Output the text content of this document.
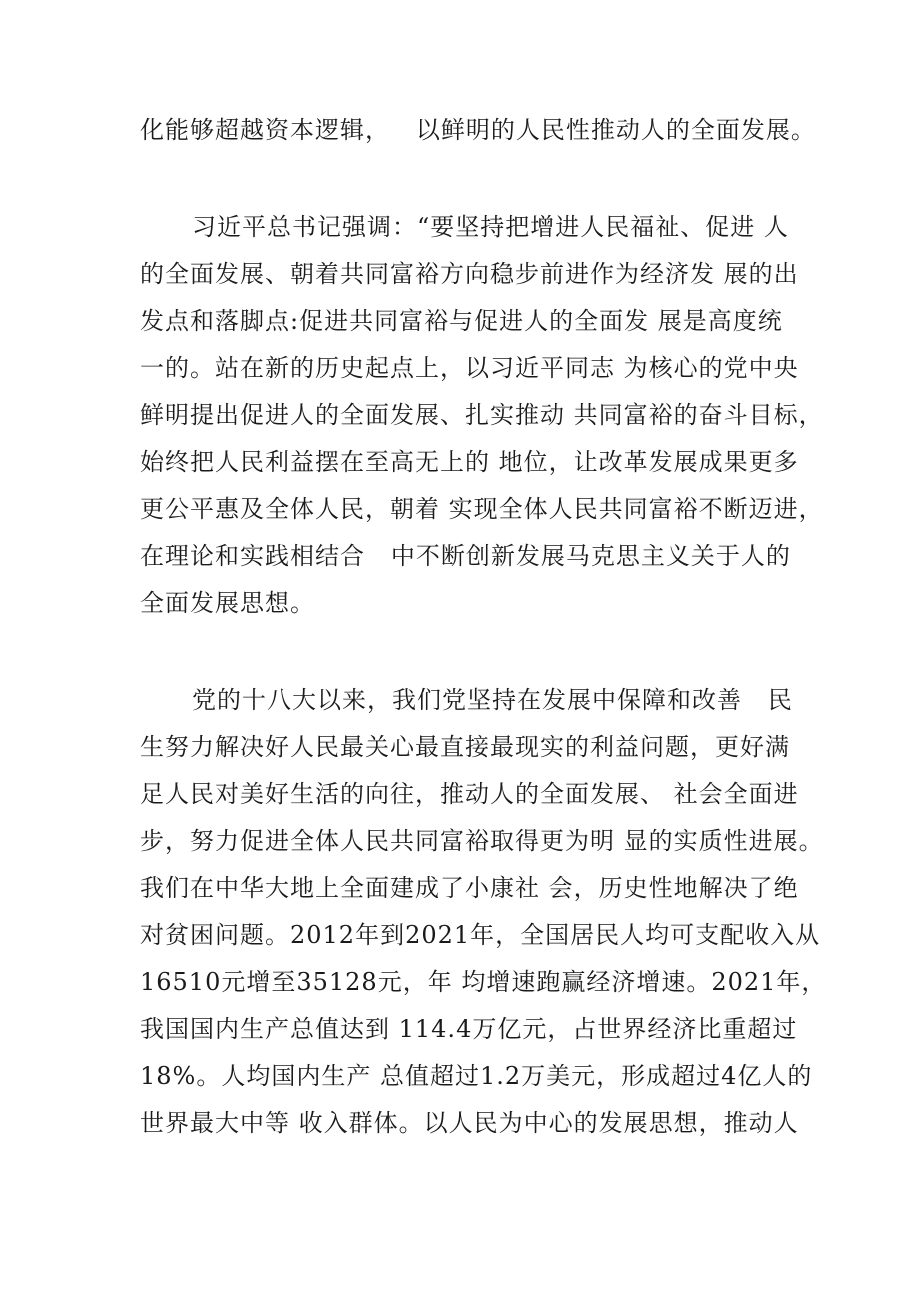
化能够超越资本逻辑，   以鲜明的人民性推动人的全面发展。
习近平总书记强调：“要坚持把增进人民福祉、促进 人
的全面发展、朝着共同富裕方向稳步前进作为经济发 展的出
发点和落脚点:促进共同富裕与促进人的全面发 展是高度统
一的。站在新的历史起点上，以习近平同志 为核心的党中央
鲜明提出促进人的全面发展、扎实推动 共同富裕的奋斗目标，
始终把人民利益摆在至高无上的 地位，让改革发展成果更多
更公平惠及全体人民，朝着 实现全体人民共同富裕不断迈进，
在理论和实践相结合   中不断创新发展马克思主义关于人的
全面发展思想。
党的十八大以来，我们党坚持在发展中保障和改善   民
生努力解决好人民最关心最直接最现实的利益问题，更好满
足人民对美好生活的向往，推动人的全面发展、 社会全面进
步，努力促进全体人民共同富裕取得更为明 显的实质性进展。
我们在中华大地上全面建成了小康社 会，历史性地解决了绝
对贫困问题。2012年到2021年，全国居民人均可支配收入从
16510元增至35128元，年 均增速跑赢经济增速。2021年，
我国国内生产总值达到 114.4万亿元，占世界经济比重超过
18%。人均国内生产 总值超过1.2万美元，形成超过4亿人的
世界最大中等 收入群体。以人民为中心的发展思想，推动人
